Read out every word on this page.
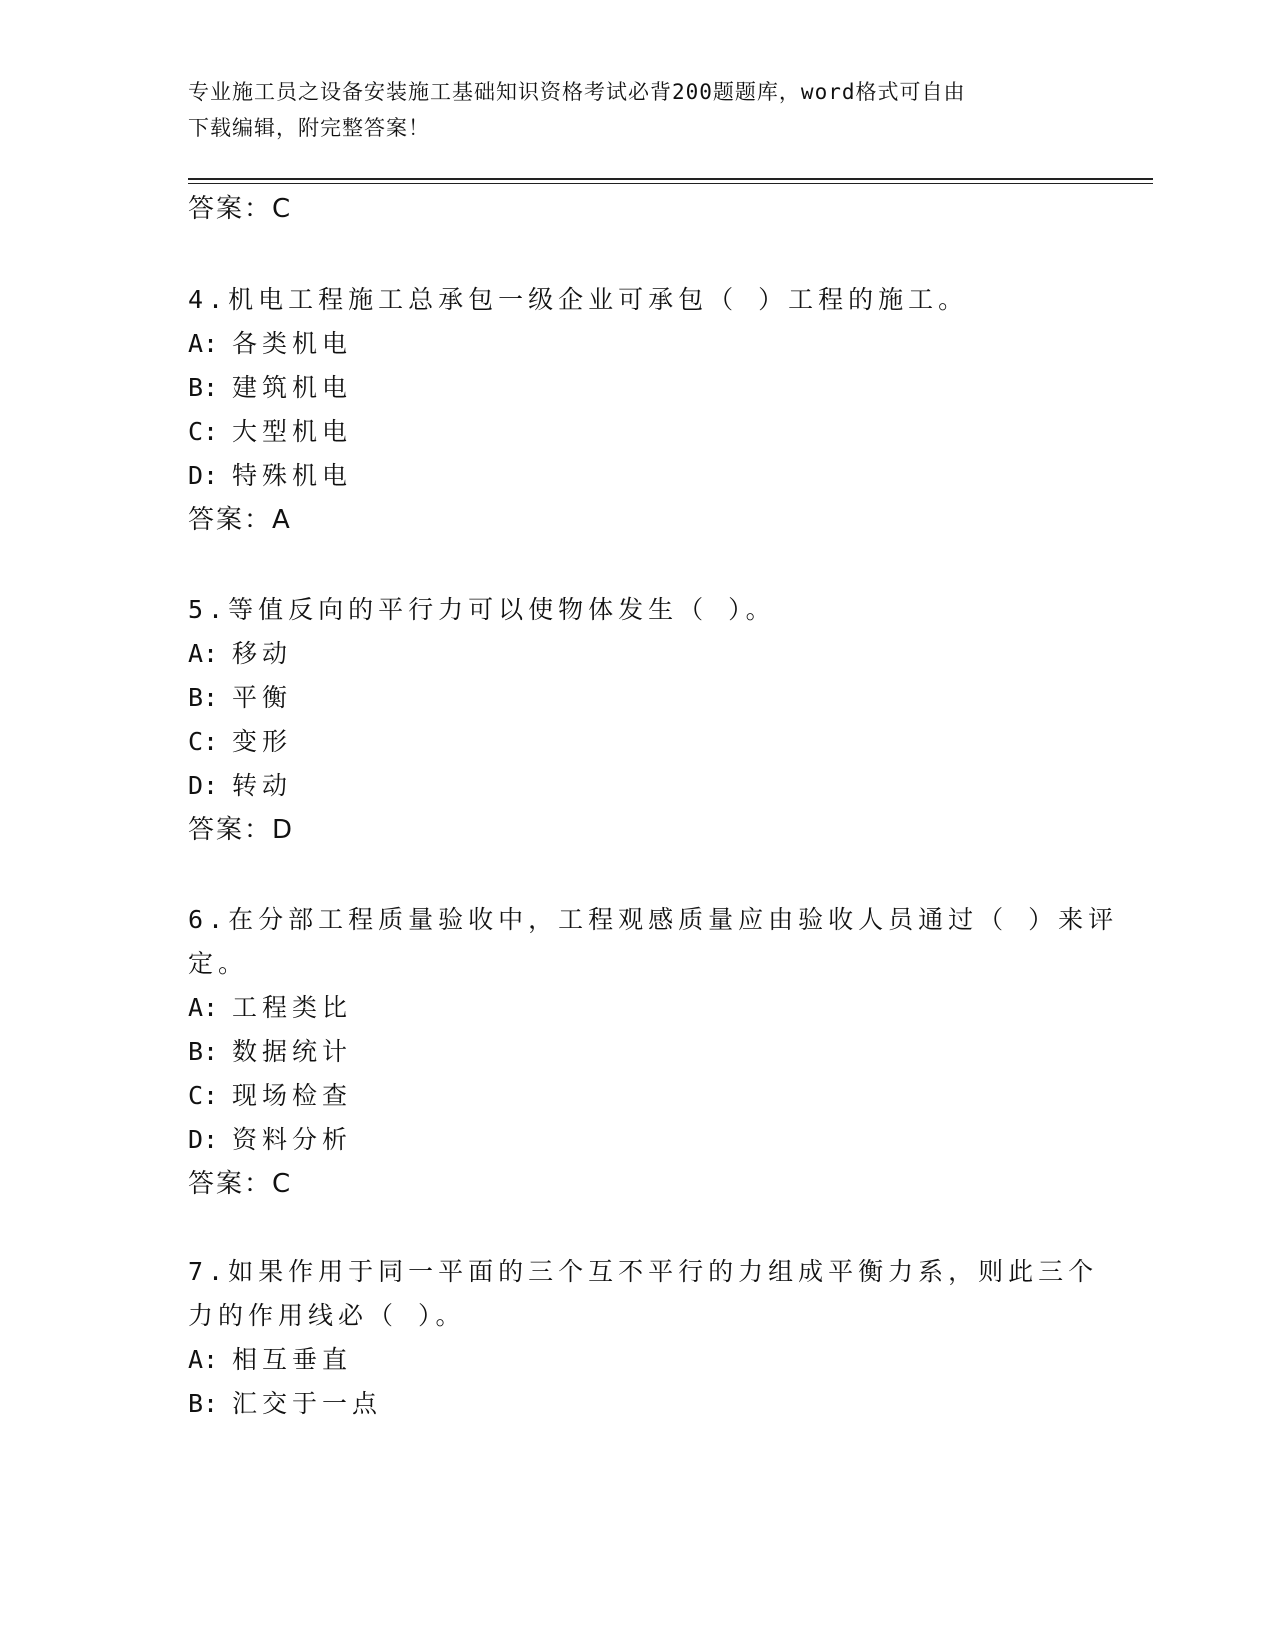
专业施工员之设备安装施工基础知识资格考试必背200题题库，word格式可自由
下载编辑，附完整答案！
答案：C
4.机电工程施工总承包一级企业可承包（ ）工程的施工。
A: 各类机电
B: 建筑机电
C: 大型机电
D: 特殊机电
答案：A
5.等值反向的平行力可以使物体发生（ ）。
A: 移动
B: 平衡
C: 变形
D: 转动
答案：D
6.在分部工程质量验收中，工程观感质量应由验收人员通过（ ）来评
定。
A: 工程类比
B: 数据统计
C: 现场检查
D: 资料分析
答案：C
7.如果作用于同一平面的三个互不平行的力组成平衡力系，则此三个
力的作用线必（ ）。
A: 相互垂直
B: 汇交于一点
